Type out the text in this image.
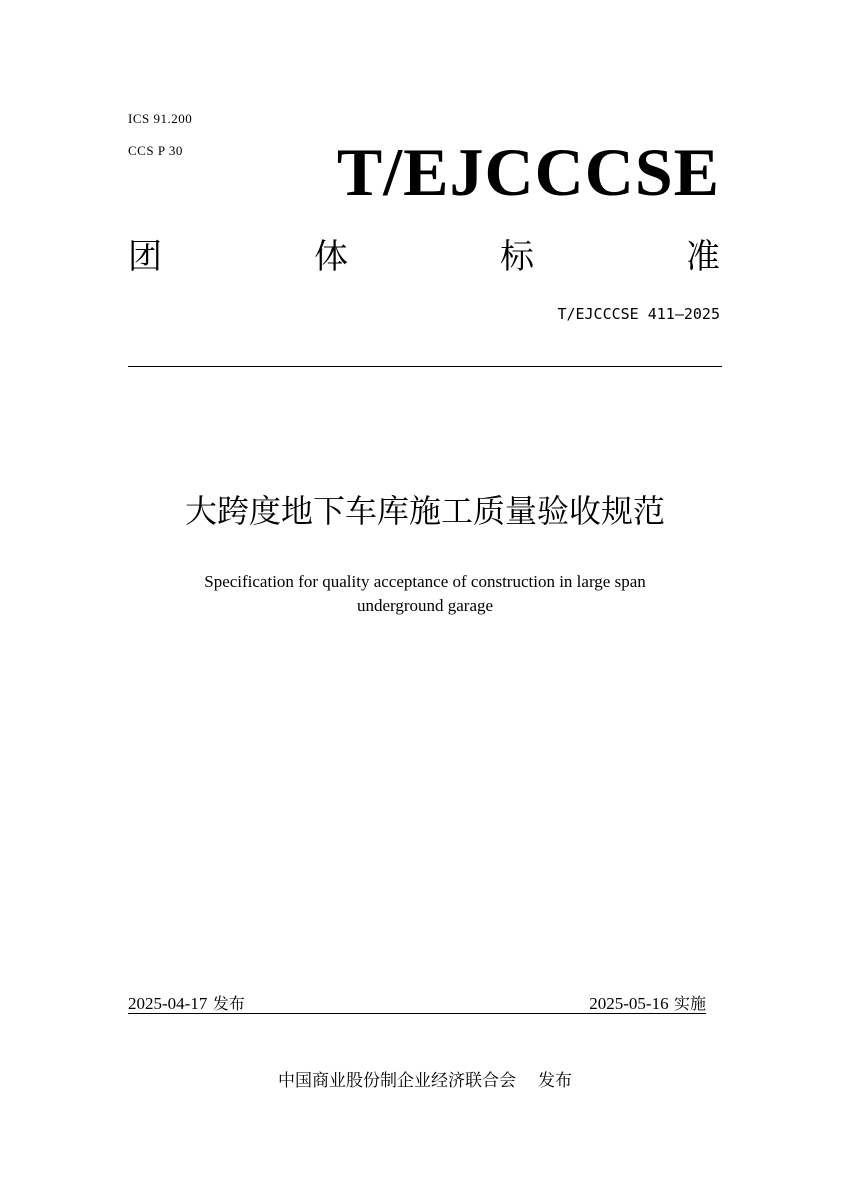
ICS 91.200
CCS P 30 T/EJCCCSE
团	体	标	准
T/EJCCCSE 411—2025
大跨度地下车库施工质量验收规范
Specification for quality acceptance of construction in large span
underground garage
2025-04-17 发布	2025-05-16 实施
中国商业股份制企业经济联合会 发布
